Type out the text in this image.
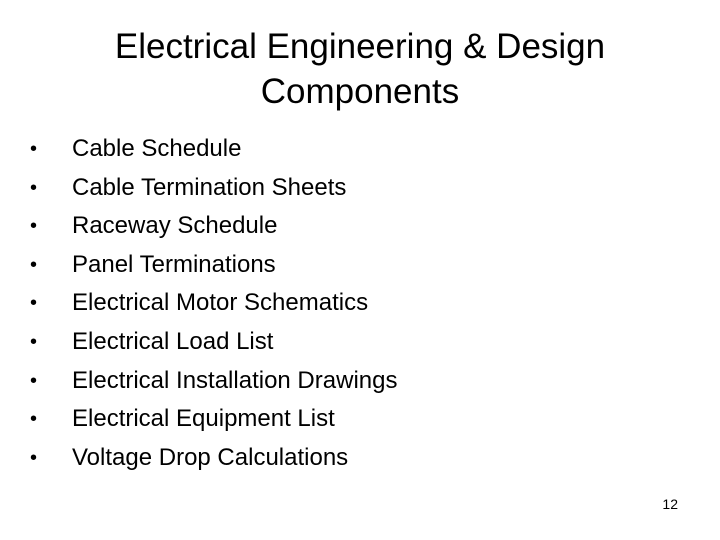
Electrical Engineering & Design
Components
• Cable Schedule
• Cable Termination Sheets
• Raceway Schedule
• Panel Terminations
• Electrical Motor Schematics
• Electrical Load List
• Electrical Installation Drawings
• Electrical Equipment List
• Voltage Drop Calculations
12
